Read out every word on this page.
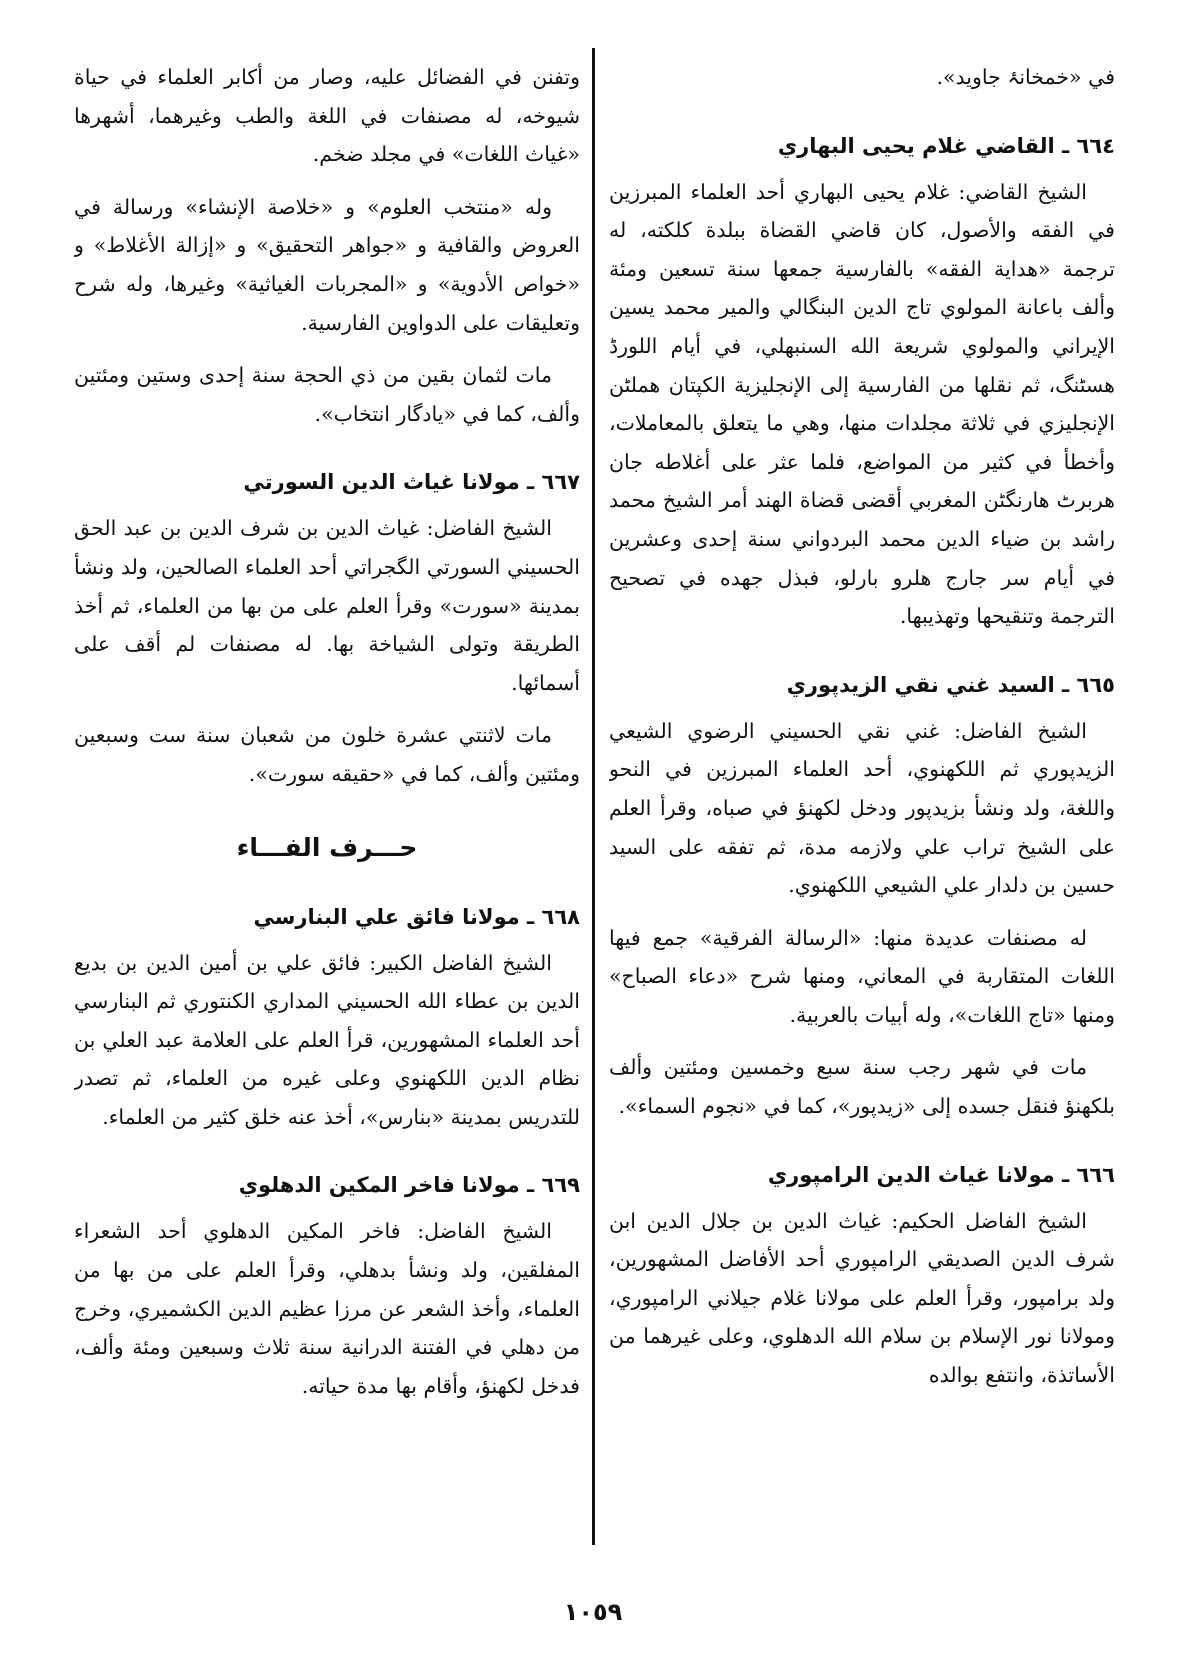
في «خمخانۂ جاويد».

٦٦٤ ـ القاضي غلام يحيى البهاري

الشيخ القاضي: غلام يحيى البهاري أحد العلماء المبرزين في الفقه والأصول، كان قاضي القضاة ببلدة كلكته، له ترجمة «هداية الفقه» بالفارسية جمعها سنة تسعين ومئة وألف باعانة المولوي تاج الدين البنگالي والمير محمد يسين الإيراني والمولوي شريعة الله السنبهلي، في أيام اللورڈ هسٹنگ، ثم نقلها من الفارسية إلى الإنجليزية الكپتان هملٹن الإنجليزي في ثلاثة مجلدات منها، وهي ما يتعلق بالمعاملات، وأخطأ في كثير من المواضع، فلما عثر على أغلاطه جان هربرٹ هارنگٹن المغربي أقضى قضاة الهند أمر الشيخ محمد راشد بن ضياء الدين محمد البردواني سنة إحدى وعشرين في أيام سر جارج هلرو بارلو، فبذل جهده في تصحيح الترجمة وتنقيحها وتهذيبها.

٦٦٥ ـ السيد غني نقي الزيدپوري

الشيخ الفاضل: غني نقي الحسيني الرضوي الشيعي الزيدپوري ثم اللكهنوي، أحد العلماء المبرزين في النحو واللغة، ولد ونشأ بزيدپور ودخل لكهنؤ في صباه، وقرأ العلم على الشيخ تراب علي ولازمه مدة، ثم تفقه على السيد حسين بن دلدار علي الشيعي اللكهنوي.

له مصنفات عديدة منها: «الرسالة الفرقية» جمع فيها اللغات المتقاربة في المعاني، ومنها شرح «دعاء الصباح» ومنها «تاج اللغات»، وله أبيات بالعربية.

مات في شهر رجب سنة سبع وخمسين ومئتين وألف بلكهنؤ فنقل جسده إلى «زيدپور»، كما في «نجوم السماء».

٦٦٦ ـ مولانا غياث الدين الرامپوري

الشيخ الفاضل الحكيم: غياث الدين بن جلال الدين ابن شرف الدين الصديقي الرامپوري أحد الأفاضل المشهورين، ولد برامپور، وقرأ العلم على مولانا غلام جيلاني الرامپوري، ومولانا نور الإسلام بن سلام الله الدهلوي، وعلى غيرهما من الأساتذة، وانتفع بوالده

وتفنن في الفضائل عليه، وصار من أكابر العلماء في حياة شيوخه، له مصنفات في اللغة والطب وغيرهما، أشهرها «غياث اللغات» في مجلد ضخم.

وله «منتخب العلوم» و «خلاصة الإنشاء» ورسالة في العروض والقافية و «جواهر التحقيق» و «إزالة الأغلاط» و «خواص الأدوية» و «المجربات الغياثية» وغيرها، وله شرح وتعليقات على الدواوين الفارسية.

مات لثمان بقين من ذي الحجة سنة إحدى وستين ومئتين وألف، كما في «يادگار انتخاب».

٦٦٧ ـ مولانا غياث الدين السورتي

الشيخ الفاضل: غياث الدين بن شرف الدين بن عبد الحق الحسيني السورتي الگجراتي أحد العلماء الصالحين، ولد ونشأ بمدينة «سورت» وقرأ العلم على من بها من العلماء، ثم أخذ الطريقة وتولى الشياخة بها. له مصنفات لم أقف على أسمائها.

مات لاثنتي عشرة خلون من شعبان سنة ست وسبعين ومئتين وألف، كما في «حقيقه سورت».

حـــرف الفـــاء
٦٦٨ ـ مولانا فائق علي البنارسي

الشيخ الفاضل الكبير: فائق علي بن أمين الدين بن بديع الدين بن عطاء الله الحسيني المداري الكنتوري ثم البنارسي أحد العلماء المشهورين، قرأ العلم على العلامة عبد العلي بن نظام الدين اللكهنوي وعلى غيره من العلماء، ثم تصدر للتدريس بمدينة «بنارس»، أخذ عنه خلق كثير من العلماء.

٦٦٩ ـ مولانا فاخر المكين الدهلوي

الشيخ الفاضل: فاخر المكين الدهلوي أحد الشعراء المفلقين، ولد ونشأ بدهلي، وقرأ العلم على من بها من العلماء، وأخذ الشعر عن مرزا عظيم الدين الكشميري، وخرج من دهلي في الفتنة الدرانية سنة ثلاث وسبعين ومئة وألف، فدخل لكهنؤ، وأقام بها مدة حياته.

١٠٥٩
